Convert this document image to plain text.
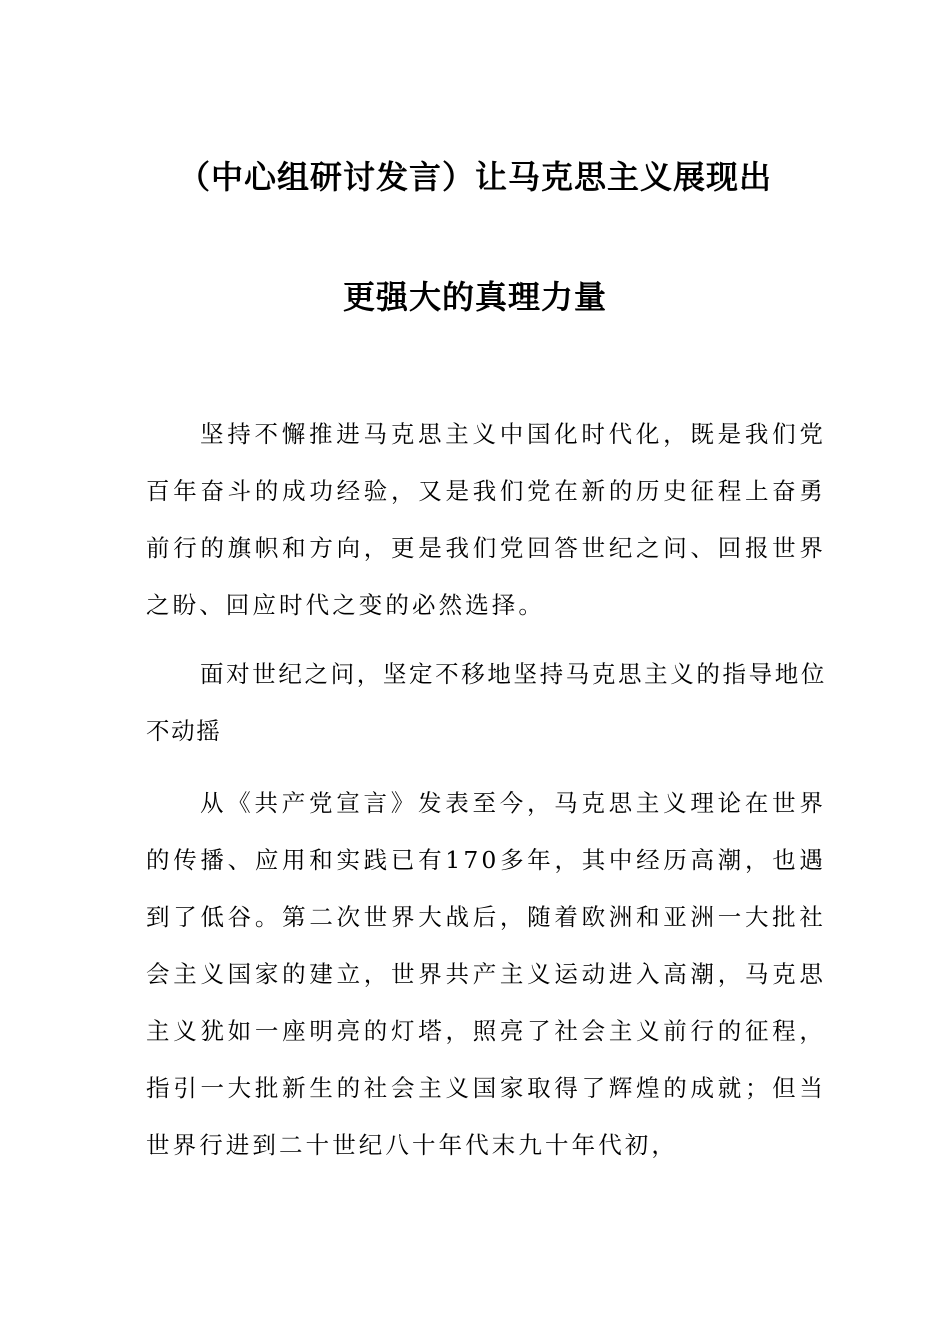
（中心组研讨发言）让马克思主义展现出
更强大的真理力量

坚持不懈推进马克思主义中国化时代化，既是我们党百年奋斗的成功经验，又是我们党在新的历史征程上奋勇前行的旗帜和方向，更是我们党回答世纪之问、回报世界之盼、回应时代之变的必然选择。

面对世纪之问，坚定不移地坚持马克思主义的指导地位不动摇

从《共产党宣言》发表至今，马克思主义理论在世界的传播、应用和实践已有170多年，其中经历高潮，也遇到了低谷。第二次世界大战后，随着欧洲和亚洲一大批社会主义国家的建立，世界共产主义运动进入高潮，马克思主义犹如一座明亮的灯塔，照亮了社会主义前行的征程，指引一大批新生的社会主义国家取得了辉煌的成就；但当世界行进到二十世纪八十年代末九十年代初，
